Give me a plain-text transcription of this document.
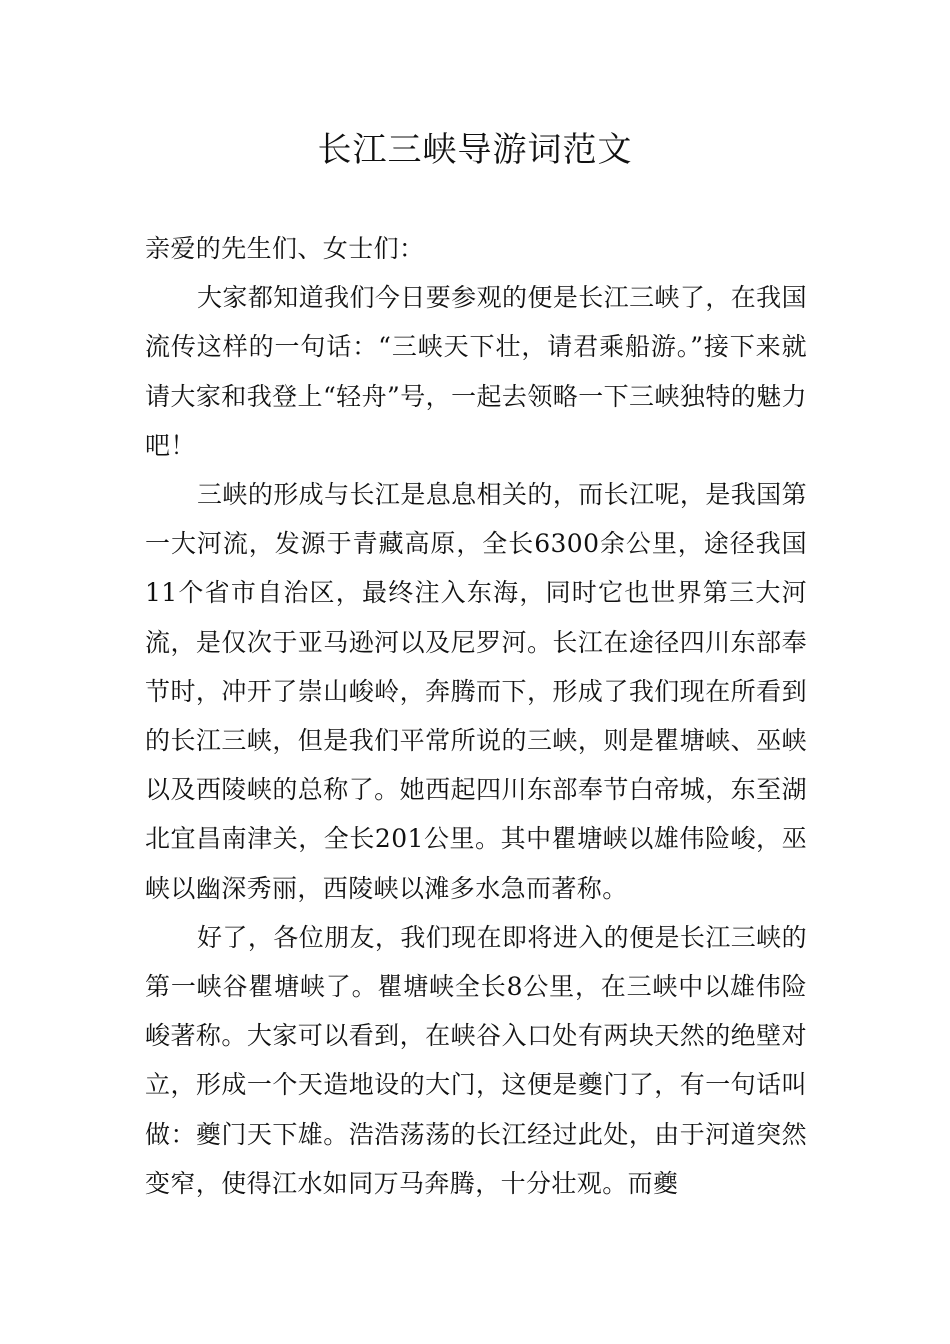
长江三峡导游词范文

亲爱的先生们、女士们：

大家都知道我们今日要参观的便是长江三峡了，在我国流传这样的一句话：“三峡天下壮，请君乘船游。”接下来就请大家和我登上“轻舟”号，一起去领略一下三峡独特的魅力吧！

三峡的形成与长江是息息相关的，而长江呢，是我国第一大河流，发源于青藏高原，全长6300余公里，途径我国11个省市自治区，最终注入东海，同时它也世界第三大河流，是仅次于亚马逊河以及尼罗河。长江在途径四川东部奉节时，冲开了崇山峻岭，奔腾而下，形成了我们现在所看到的长江三峡，但是我们平常所说的三峡，则是瞿塘峡、巫峡以及西陵峡的总称了。她西起四川东部奉节白帝城，东至湖北宜昌南津关，全长201公里。其中瞿塘峡以雄伟险峻，巫峡以幽深秀丽，西陵峡以滩多水急而著称。

好了，各位朋友，我们现在即将进入的便是长江三峡的第一峡谷瞿塘峡了。瞿塘峡全长8公里，在三峡中以雄伟险峻著称。大家可以看到，在峡谷入口处有两块天然的绝壁对立，形成一个天造地设的大门，这便是夔门了，有一句话叫做：夔门天下雄。浩浩荡荡的长江经过此处，由于河道突然变窄，使得江水如同万马奔腾，十分壮观。而夔
